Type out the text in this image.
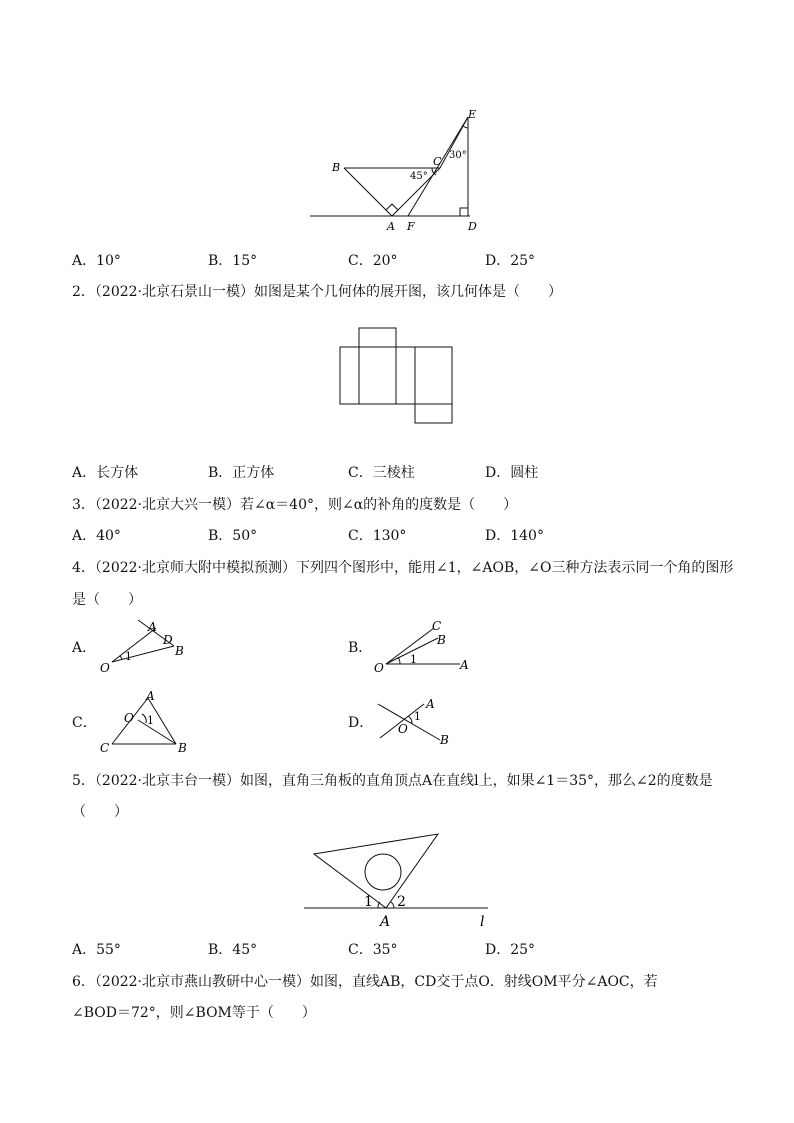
E
B	C
45°
30°
A F	D
A．10°	B．15°	C．20°	D．25°
2．（2022·北京石景山一模）如图是某个几何体的展开图，该几何体是（　　）
A．长方体	B．正方体	C．三棱柱	D．圆柱
3．（2022·北京大兴一模）若∠α＝40°，则∠α的补角的度数是（　　）
A．40°	B．50°	C．130°	D．140°
4．（2022·北京师大附中模拟预测）下列四个图形中，能用∠1，∠AOB，∠O三种方法表示同一个角的图形
是（　　）
A．
A
D
B
O
1
B．
C
B
O
1	A
C．
A
O 1
C	B
D．
A
1
O
B
5．（2022·北京丰台一模）如图，直角三角板的直角顶点A在直线l上，如果∠1＝35°，那么∠2的度数是
（　　）
1 2
A	l
A．55°	B．45°	C．35°	D．25°
6．（2022·北京市燕山教研中心一模）如图，直线AB，CD交于点O．射线OM平分∠AOC，若
∠BOD＝72°，则∠BOM等于（　　）
